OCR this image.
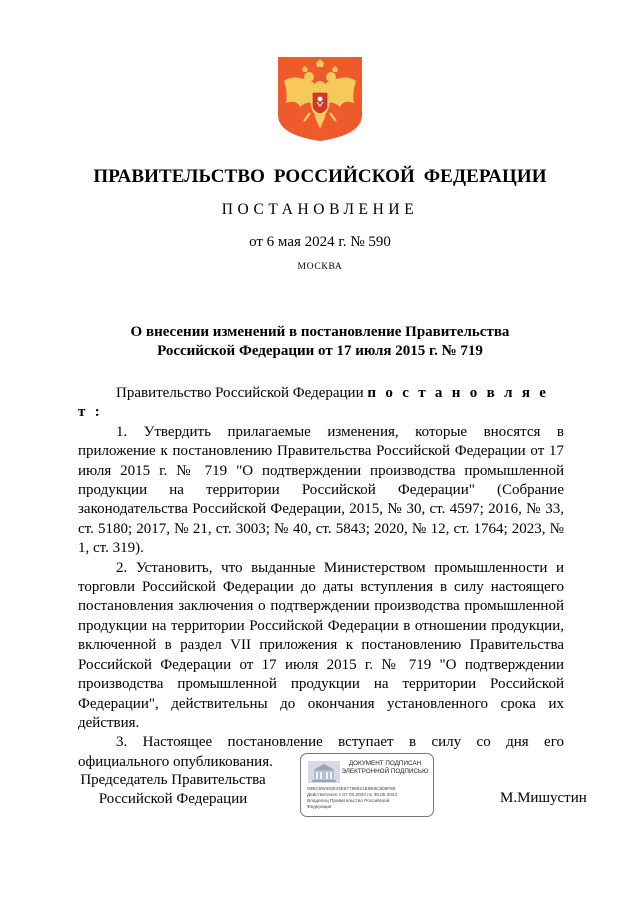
ПРАВИТЕЛЬСТВО РОССИЙСКОЙ ФЕДЕРАЦИИ
ПОСТАНОВЛЕНИЕ
от 6 мая 2024 г. № 590
МОСКВА
О внесении изменений в постановление Правительства
Российской Федерации от 17 июля 2015 г. № 719

Правительство Российской Федерации п о с т а н о в л я е т :

1. Утвердить прилагаемые изменения, которые вносятся в приложение к постановлению Правительства Российской Федерации от 17 июля 2015 г. № 719 "О подтверждении производства промышленной продукции на территории Российской Федерации" (Собрание законодательства Российской Федерации, 2015, № 30, ст. 4597; 2016, № 33, ст. 5180; 2017, № 21, ст. 3003; № 40, ст. 5843; 2020, № 12, ст. 1764; 2023, № 1, ст. 319).

2. Установить, что выданные Министерством промышленности и торговли Российской Федерации до даты вступления в силу настоящего постановления заключения о подтверждении производства промышленной продукции на территории Российской Федерации в отношении продукции, включенной в раздел VII приложения к постановлению Правительства Российской Федерации от 17 июля 2015 г. № 719 "О подтверждении производства промышленной продукции на территории Российской Федерации", действительны до окончания установленного срока их действия.

3. Настоящее постановление вступает в силу со дня его официального опубликования.

Председатель Правительства
Российской Федерации
ДОКУМЕНТ ПОДПИСАН
ЭЛЕКТРОННОЙ ПОДПИСЬЮ
00BC69AE6033E67759521E9E8C809F89
Действителен с 07.03.2023 по 30.05.2024
Владелец Правительство Российской
Федерации
М.Мишустин
